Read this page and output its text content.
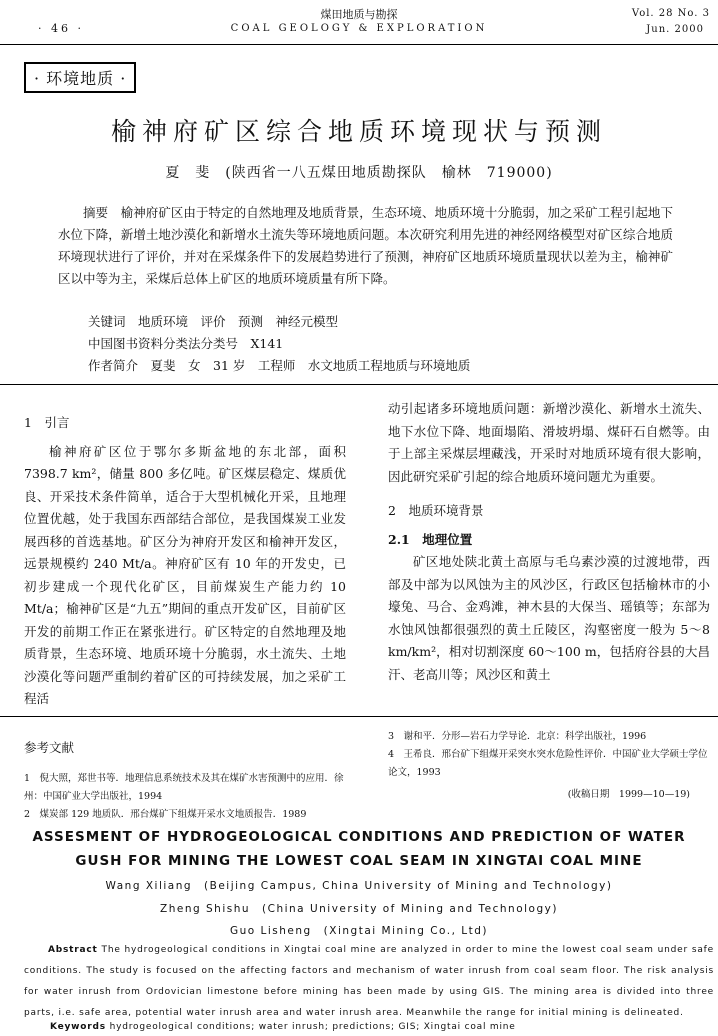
· 46 ·
煤田地质与勘探
COAL GEOLOGY & EXPLORATION
Vol. 28 No. 3
Jun. 2000
· 环境地质 ·
榆神府矿区综合地质环境现状与预测
夏　斐　(陕西省一八五煤田地质勘探队　榆林　719000)
摘要　榆神府矿区由于特定的自然地理及地质背景，生态环境、地质环境十分脆弱，加之采矿工程引起地下水位下降，新增土地沙漠化和新增水土流失等环境地质问题。本次研究利用先进的神经网络模型对矿区综合地质环境现状进行了评价，并对在采煤条件下的发展趋势进行了预测，神府矿区地质环境质量现状以差为主，榆神矿区以中等为主，采煤后总体上矿区的地质环境质量有所下降。
关键词　地质环境　评价　预测　神经元模型
中国图书资料分类法分类号　X141
作者简介　夏斐　女　31 岁　工程师　水文地质工程地质与环境地质
1　引言
榆神府矿区位于鄂尔多斯盆地的东北部，面积 7398.7 km²，储量 800 多亿吨。矿区煤层稳定、煤质优良、开采技术条件简单，适合于大型机械化开采，且地理位置优越，处于我国东西部结合部位，是我国煤炭工业发展西移的首选基地。矿区分为神府开发区和榆神开发区，远景规模约 240 Mt/a。神府矿区有 10 年的开发史，已初步建成一个现代化矿区，目前煤炭生产能力约 10 Mt/a；榆神矿区是“九五”期间的重点开发矿区，目前矿区开发的前期工作正在紧张进行。矿区特定的自然地理及地质背景，生态环境、地质环境十分脆弱，水土流失、土地沙漠化等问题严重制约着矿区的可持续发展，加之采矿工程活
动引起诸多环境地质问题：新增沙漠化、新增水土流失、地下水位下降、地面塌陷、滑坡坍塌、煤矸石自燃等。由于上部主采煤层埋藏浅，开采时对地质环境有很大影响，因此研究采矿引起的综合地质环境问题尤为重要。
2　地质环境背景
2.1　地理位置
矿区地处陕北黄土高原与毛乌素沙漠的过渡地带，西部及中部为以风蚀为主的风沙区，行政区包括榆林市的小壕兔、马合、金鸡滩，神木县的大保当、瑶镇等；东部为水蚀风蚀都很强烈的黄土丘陵区，沟壑密度一般为 5～8 km/km²，相对切割深度 60～100 m，包括府谷县的大昌汗、老高川等；风沙区和黄土
参考文献
1　倪大照，郑世书等．地理信息系统技术及其在煤矿水害预测中的应用．徐州：中国矿业大学出版社，1994
2　煤炭部 129 地质队．邢台煤矿下组煤开采水文地质报告．1989
3　谢和平．分形—岩石力学导论．北京：科学出版社，1996
4　王希良．邢台矿下组煤开采突水突水危险性评价．中国矿业大学硕士学位论文，1993
(收稿日期　1999—10—19)
ASSESMENT OF HYDROGEOLOGICAL CONDITIONS AND PREDICTION OF WATER
GUSH FOR MINING THE LOWEST COAL SEAM IN XINGTAI COAL MINE
Wang Xiliang　(Beijing Campus, China University of Mining and Technology)
Zheng Shishu　(China University of Mining and Technology)
Guo Lisheng　(Xingtai Mining Co., Ltd)
Abstract The hydrogeological conditions in Xingtai coal mine are analyzed in order to mine the lowest coal seam under safe conditions. The study is focused on the affecting factors and mechanism of water inrush from coal seam floor. The risk analysis for water inrush from Ordovician limestone before mining has been made by using GIS. The mining area is divided into three parts, i.e. safe area, potential water inrush area and water inrush area. Meanwhile the range for initial mining is delineated.
Keywords hydrogeological conditions; water inrush; predictions; GIS; Xingtai coal mine
